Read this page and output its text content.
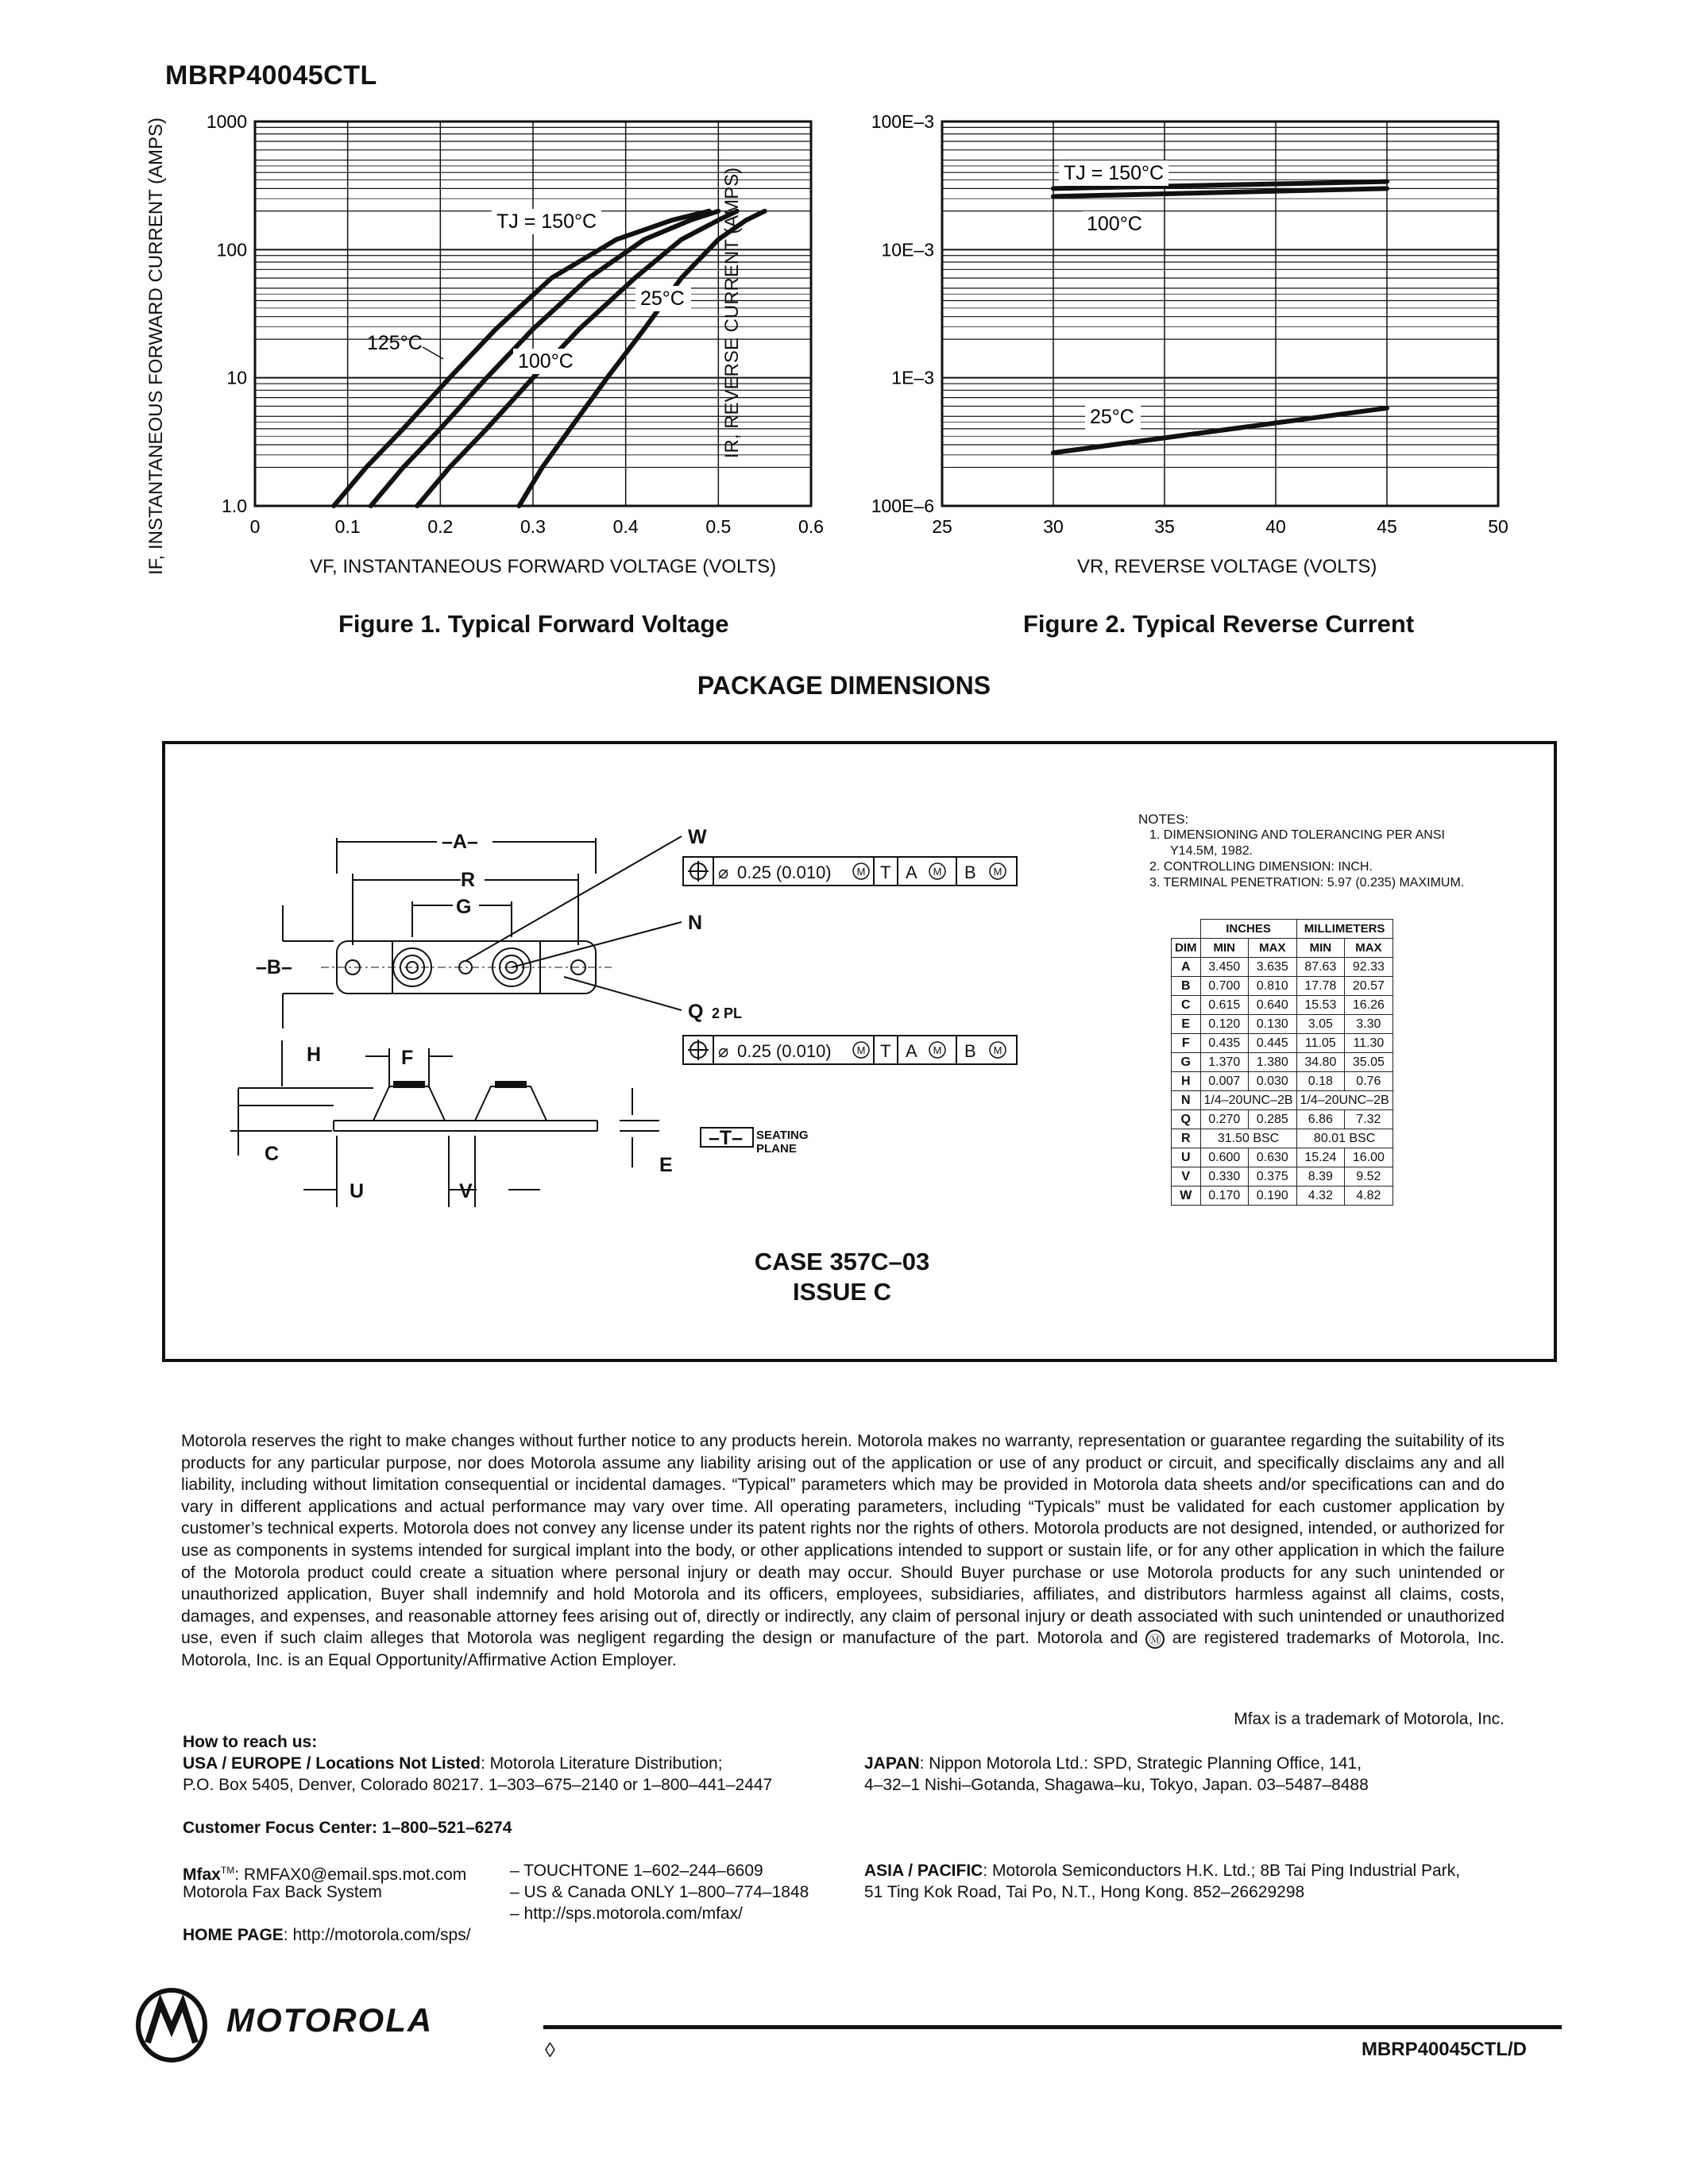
MBRP40045CTL
0	0.1	0.2	0.3	0.4	0.5	0.6
1.0
10
100
1000
TJ = 150°C
125°C
100°C
25°C
VF, INSTANTANEOUS FORWARD VOLTAGE (VOLTS)
IF, INSTANTANEOUS FORWARD CURRENT (AMPS)
Figure 1. Typical Forward Voltage
25	30	35	40	45	50
100E–6
1E–3
10E–3
100E–3
TJ = 150°C
100°C
25°C
VR, REVERSE VOLTAGE (VOLTS)
IR, REVERSE CURRENT (AMPS)
Figure 2. Typical Reverse Current
PACKAGE DIMENSIONS
–A–
R
G
–B–
H	F
C
U	V
E
W
N
Q
–T–
2 PL
SEATING
PLANE
0.25 (0.010)
0.25 (0.010)
T A	B
T A	B
⌀
⌀
M	M	M
M	M	M
NOTES:
1. DIMENSIONING AND TOLERANCING PER ANSI
Y14.5M, 1982.
2. CONTROLLING DIMENSION: INCH.
3. TERMINAL PENETRATION: 5.97 (0.235) MAXIMUM.
	INCHES		MILLIMETERS	
DIM	MIN	MAX	MIN	MAX
A	3.450	3.635	87.63	92.33
B	0.700	0.810	17.78	20.57
C	0.615	0.640	15.53	16.26
E	0.120	0.130	3.05	3.30
F	0.435	0.445	11.05	11.30
G	1.370	1.380	34.80	35.05
H	0.007	0.030	0.18	0.76
N	1/4–20UNC–2B		1/4–20UNC–2B	
Q	0.270	0.285	6.86	7.32
R	31.50 BSC		80.01 BSC	
U	0.600	0.630	15.24	16.00
V	0.330	0.375	8.39	9.52
W	0.170	0.190	4.32	4.82
CASE 357C–03
ISSUE C
Motorola reserves the right to make changes without further notice to any products herein. Motorola makes no warranty, representation or guarantee regarding the suitability of its products for any particular purpose, nor does Motorola assume any liability arising out of the application or use of any product or circuit, and specifically disclaims any and all liability, including without limitation consequential or incidental damages. “Typical” parameters which may be provided in Motorola data sheets and/or specifications can and do vary in different applications and actual performance may vary over time. All operating parameters, including “Typicals” must be validated for each customer application by customer’s technical experts. Motorola does not convey any license under its patent rights nor the rights of others. Motorola products are not designed, intended, or authorized for use as components in systems intended for surgical implant into the body, or other applications intended to support or sustain life, or for any other application in which the failure of the Motorola product could create a situation where personal injury or death may occur. Should Buyer purchase or use Motorola products for any such unintended or unauthorized application, Buyer shall indemnify and hold Motorola and its officers, employees, subsidiaries, affiliates, and distributors harmless against all claims, costs, damages, and expenses, and reasonable attorney fees arising out of, directly or indirectly, any claim of personal injury or death associated with such unintended or unauthorized use, even if such claim alleges that Motorola was negligent regarding the design or manufacture of the part. Motorola and Ⓜ are registered trademarks of Motorola, Inc. Motorola, Inc. is an Equal Opportunity/Affirmative Action Employer.
Mfax is a trademark of Motorola, Inc.
How to reach us:
USA / EUROPE / Locations Not Listed: Motorola Literature Distribution;
P.O. Box 5405, Denver, Colorado 80217. 1–303–675–2140 or 1–800–441–2447
Customer Focus Center: 1–800–521–6274
Mfax™: RMFAX0@email.sps.mot.com	– TOUCHTONE 1–602–244–6609
Motorola Fax Back System	– US & Canada ONLY 1–800–774–1848
– http://sps.motorola.com/mfax/
HOME PAGE: http://motorola.com/sps/
JAPAN: Nippon Motorola Ltd.: SPD, Strategic Planning Office, 141,
4–32–1 Nishi–Gotanda, Shagawa–ku, Tokyo, Japan. 03–5487–8488
ASIA / PACIFIC: Motorola Semiconductors H.K. Ltd.; 8B Tai Ping Industrial Park,
51 Ting Kok Road, Tai Po, N.T., Hong Kong. 852–26629298
MOTOROLA
◊	MBRP40045CTL/D
